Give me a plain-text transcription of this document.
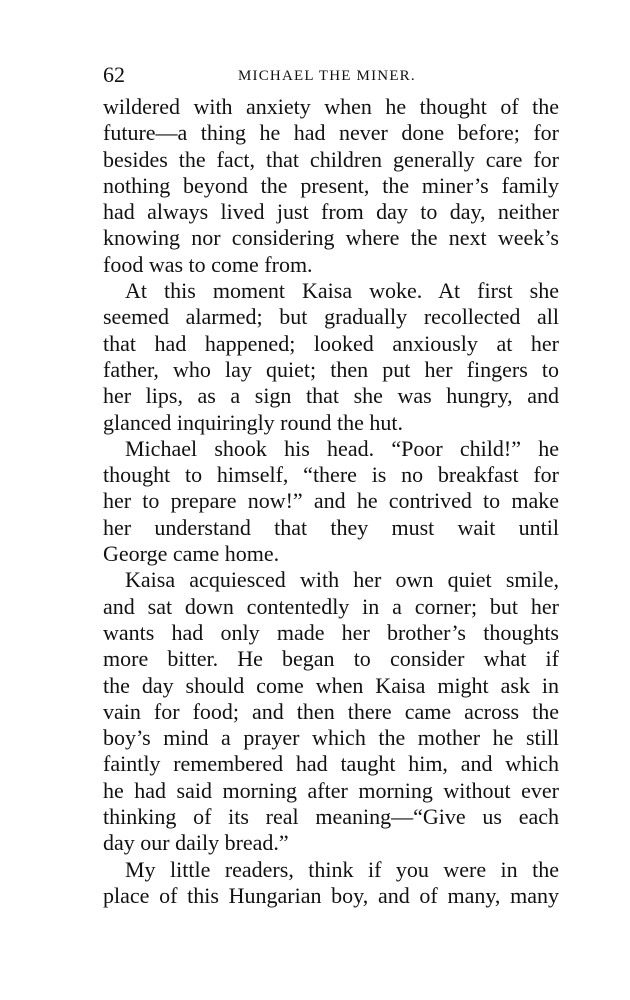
62	MICHAEL THE MINER.
wildered with anxiety when he thought of the
future—a thing he had never done before; for
besides the fact, that children generally care for
nothing beyond the present, the miner’s family
had always lived just from day to day, neither
knowing nor considering where the next week’s
food was to come from.
At this moment Kaisa woke. At first she
seemed alarmed; but gradually recollected all
that had happened; looked anxiously at her
father, who lay quiet; then put her fingers to
her lips, as a sign that she was hungry, and
glanced inquiringly round the hut.
Michael shook his head. “Poor child!” he
thought to himself, “there is no breakfast for
her to prepare now!” and he contrived to make
her understand that they must wait until
George came home.
Kaisa acquiesced with her own quiet smile,
and sat down contentedly in a corner; but her
wants had only made her brother’s thoughts
more bitter. He began to consider what if
the day should come when Kaisa might ask in
vain for food; and then there came across the
boy’s mind a prayer which the mother he still
faintly remembered had taught him, and which
he had said morning after morning without ever
thinking of its real meaning—“Give us each
day our daily bread.”
My little readers, think if you were in the
place of this Hungarian boy, and of many, many
